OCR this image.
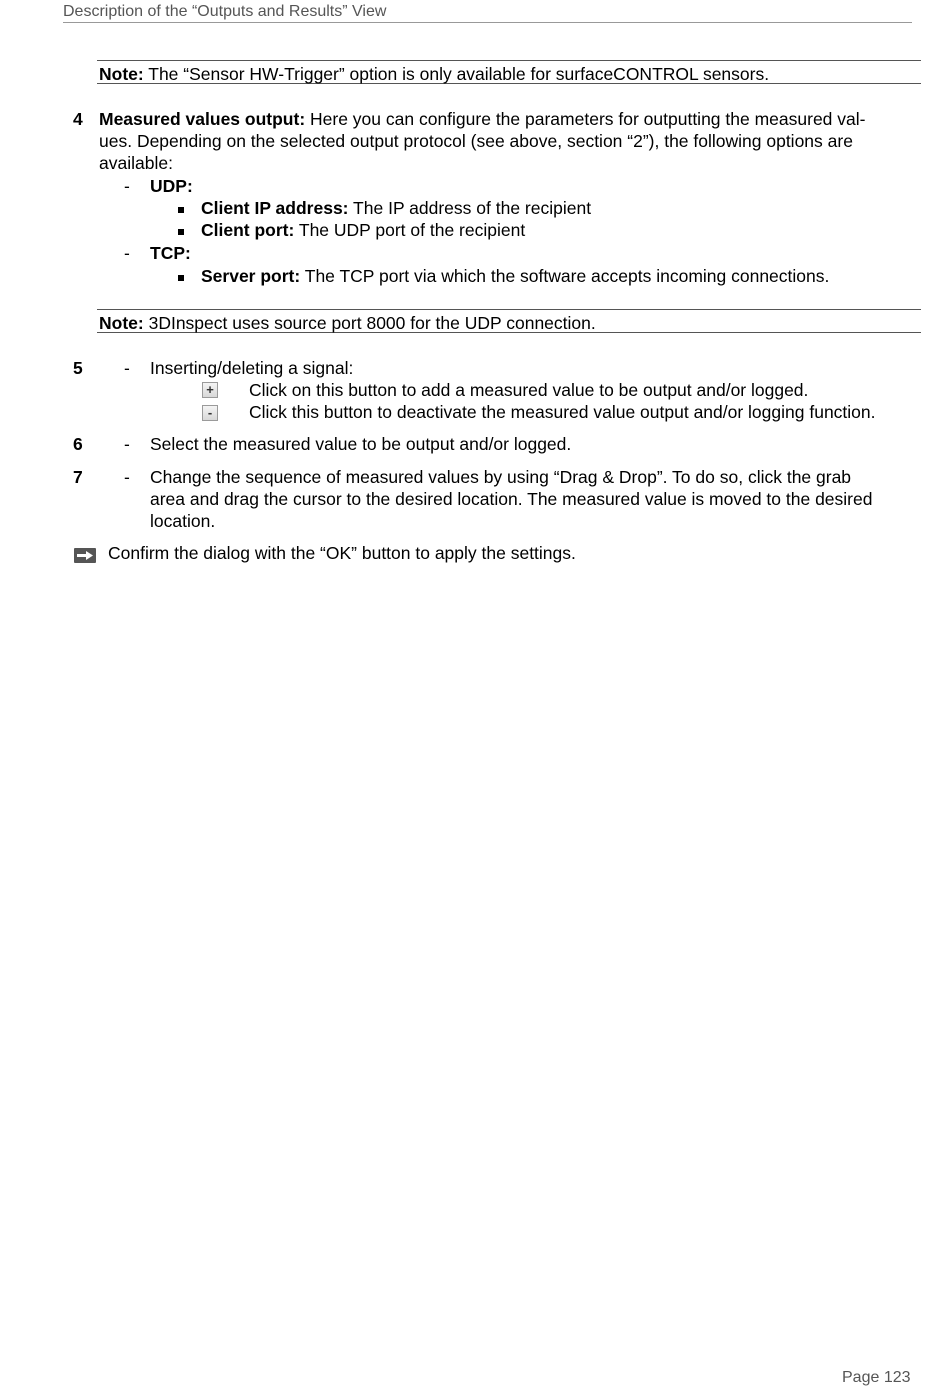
Description of the “Outputs and Results” View
Note: The “Sensor HW-Trigger” option is only available for surfaceCONTROL sensors.
4 Measured values output: Here you can configure the parameters for outputting the measured val-
ues. Depending on the selected output protocol (see above, section “2”), the following options are
available:
- UDP:
Client IP address: The IP address of the recipient
Client port: The UDP port of the recipient
- TCP:
Server port: The TCP port via which the software accepts incoming connections.
Note: 3DInspect uses source port 8000 for the UDP connection.
5 - Inserting/deleting a signal:
+ Click on this button to add a measured value to be output and/or logged.
-	Click this button to deactivate the measured value output and/or logging function.
6 - Select the measured value to be output and/or logged.
7 - Change the sequence of measured values by using “Drag & Drop”. To do so, click the grab
area and drag the cursor to the desired location. The measured value is moved to the desired
location.
Confirm the dialog with the “OK” button to apply the settings.
Page 123
